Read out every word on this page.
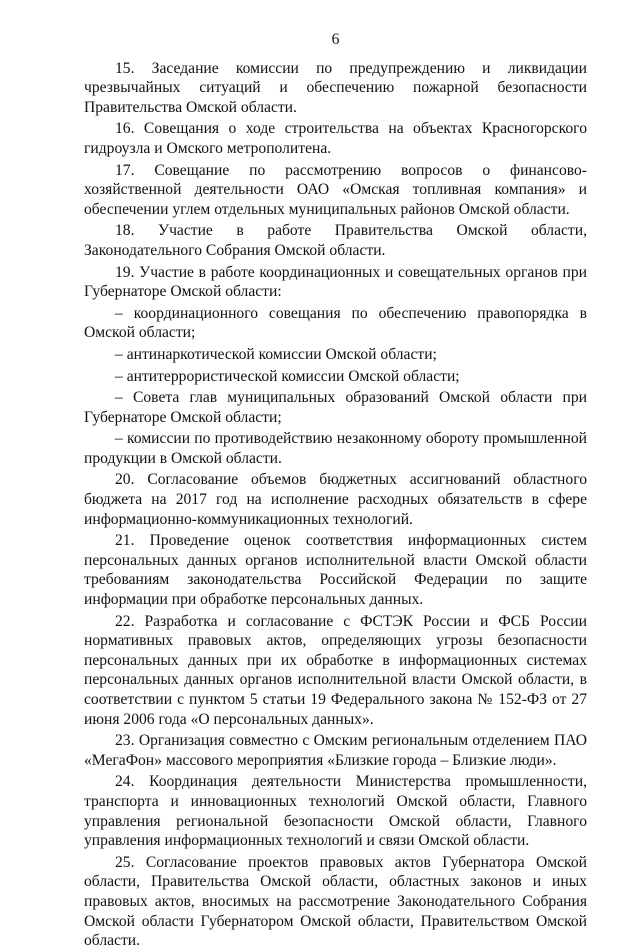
6

15. Заседание комиссии по предупреждению и ликвидации чрезвычайных ситуаций и обеспечению пожарной безопасности Правительства Омской области.

16. Совещания о ходе строительства на объектах Красногорского гидроузла и Омского метрополитена.

17. Совещание по рассмотрению вопросов о финансово-хозяйственной деятельности ОАО «Омская топливная компания» и обеспечении углем отдельных муниципальных районов Омской области.

18. Участие в работе Правительства Омской области, Законодательного Собрания Омской области.

19. Участие в работе координационных и совещательных органов при Губернаторе Омской области:

– координационного совещания по обеспечению правопорядка в Омской области;

– антинаркотической комиссии Омской области;

– антитеррористической комиссии Омской области;

– Совета глав муниципальных образований Омской области при Губернаторе Омской области;

– комиссии по противодействию незаконному обороту промышленной продукции в Омской области.

20. Согласование объемов бюджетных ассигнований областного бюджета на 2017 год на исполнение расходных обязательств в сфере информационно-коммуникационных технологий.

21. Проведение оценок соответствия информационных систем персональных данных органов исполнительной власти Омской области требованиям законодательства Российской Федерации по защите информации при обработке персональных данных.

22. Разработка и согласование с ФСТЭК России и ФСБ России нормативных правовых актов, определяющих угрозы безопасности персональных данных при их обработке в информационных системах персональных данных органов исполнительной власти Омской области, в соответствии с пунктом 5 статьи 19 Федерального закона № 152-ФЗ от 27 июня 2006 года «О персональных данных».

23. Организация совместно с Омским региональным отделением ПАО «МегаФон» массового мероприятия «Близкие города – Близкие люди».

24. Координация деятельности Министерства промышленности, транспорта и инновационных технологий Омской области, Главного управления региональной безопасности Омской области, Главного управления информационных технологий и связи Омской области.

25. Согласование проектов правовых актов Губернатора Омской области, Правительства Омской области, областных законов и иных правовых актов, вносимых на рассмотрение Законодательного Собрания Омской области Губернатором Омской области, Правительством Омской области.
